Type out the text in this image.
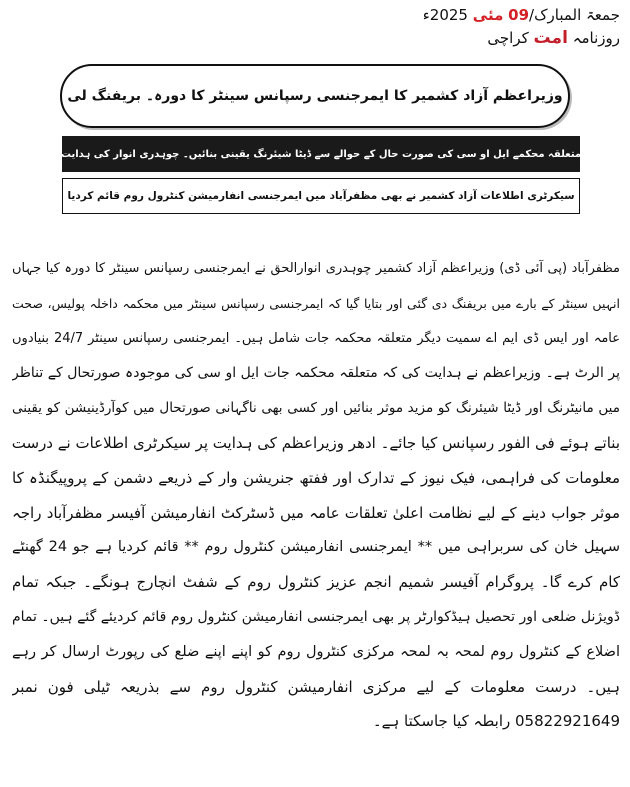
جمعۃ المبارک/09 مئی 2025ء
روزنامہ امت کراچی
وزیراعظم آزاد کشمیر کا ایمرجنسی رسپانس سینٹر کا دورہ۔ بریفنگ لی
متعلقہ محکمے ایل او سی کی صورت حال کے حوالے سے ڈیٹا شیئرنگ یقینی بنائیں۔ چوہدری انوار کی ہدایت
سیکرٹری اطلاعات آزاد کشمیر نے بھی مظفرآباد میں ایمرجنسی انفارمیشن کنٹرول روم قائم کردیا
مظفرآباد (پی آئی ڈی) وزیراعظم آزاد کشمیر چوہدری انوارالحق نے ایمرجنسی رسپانس سینٹر کا دورہ کیا جہاں
انہیں سینٹر کے بارے میں بریفنگ دی گئی اور بتایا گیا کہ ایمرجنسی رسپانس سینٹر میں محکمہ داخلہ پولیس، صحت
عامہ اور ایس ڈی ایم اے سمیت دیگر متعلقہ محکمہ جات شامل ہیں۔ ایمرجنسی رسپانس سینٹر 24/7 بنیادوں
پر الرٹ ہے۔ وزیراعظم نے ہدایت کی کہ متعلقہ محکمہ جات ایل او سی کی موجودہ صورتحال کے تناظر
میں مانیٹرنگ اور ڈیٹا شیئرنگ کو مزید موثر بنائیں اور کسی بھی ناگہانی صورتحال میں کوآرڈینیشن کو یقینی
بناتے ہوئے فی الفور رسپانس کیا جائے۔ ادھر وزیراعظم کی ہدایت پر سیکرٹری اطلاعات نے درست
معلومات کی فراہمی، فیک نیوز کے تدارک اور ففتھ جنریشن وار کے ذریعے دشمن کے پروپیگنڈہ کا
موثر جواب دینے کے لیے نظامت اعلیٰ تعلقات عامہ میں ڈسٹرکٹ انفارمیشن آفیسر مظفرآباد راجہ
سہیل خان کی سربراہی میں ** ایمرجنسی انفارمیشن کنٹرول روم ** قائم کردیا ہے جو 24 گھنٹے
کام کرے گا۔ پروگرام آفیسر شمیم انجم عزیز کنٹرول روم کے شفٹ انچارج ہونگے۔ جبکہ تمام
ڈویژنل ضلعی اور تحصیل ہیڈکوارٹر پر بھی ایمرجنسی انفارمیشن کنٹرول روم قائم کردیئے گئے ہیں۔ تمام
اضلاع کے کنٹرول روم لمحہ بہ لمحہ مرکزی کنٹرول روم کو اپنے اپنے ضلع کی رپورٹ ارسال کر رہے
ہیں۔ درست معلومات کے لیے مرکزی انفارمیشن کنٹرول روم سے بذریعہ ٹیلی فون نمبر
05822921649 رابطہ کیا جاسکتا ہے۔
